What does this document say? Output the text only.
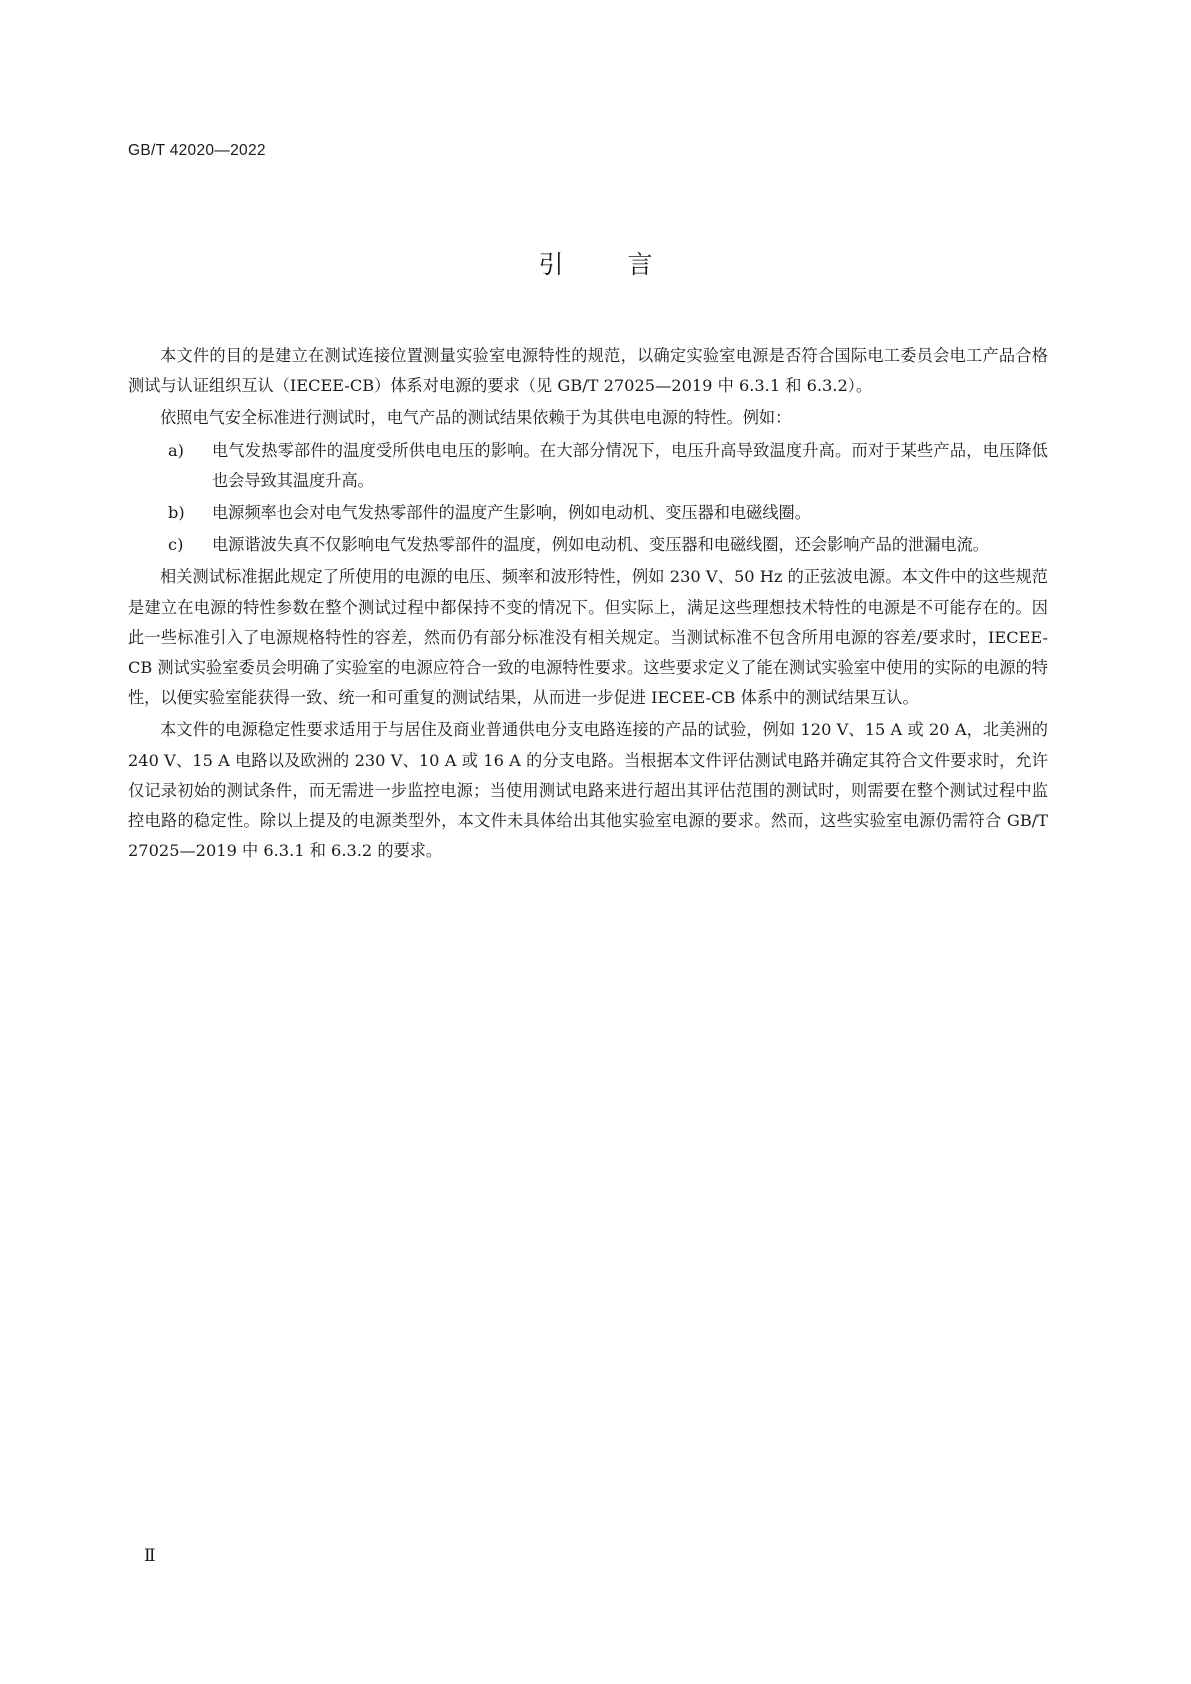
GB/T 42020—2022
引言

本文件的目的是建立在测试连接位置测量实验室电源特性的规范，以确定实验室电源是否符合国际电工委员会电工产品合格测试与认证组织互认（IECEE-CB）体系对电源的要求（见 GB/T 27025—2019 中 6.3.1 和 6.3.2）。

依照电气安全标准进行测试时，电气产品的测试结果依赖于为其供电电源的特性。例如：

a) 电气发热零部件的温度受所供电电压的影响。在大部分情况下，电压升高导致温度升高。而对于某些产品，电压降低也会导致其温度升高。
b) 电源频率也会对电气发热零部件的温度产生影响，例如电动机、变压器和电磁线圈。
c) 电源谐波失真不仅影响电气发热零部件的温度，例如电动机、变压器和电磁线圈，还会影响产品的泄漏电流。

相关测试标准据此规定了所使用的电源的电压、频率和波形特性，例如 230 V、50 Hz 的正弦波电源。本文件中的这些规范是建立在电源的特性参数在整个测试过程中都保持不变的情况下。但实际上，满足这些理想技术特性的电源是不可能存在的。因此一些标准引入了电源规格特性的容差，然而仍有部分标准没有相关规定。当测试标准不包含所用电源的容差/要求时，IECEE-CB 测试实验室委员会明确了实验室的电源应符合一致的电源特性要求。这些要求定义了能在测试实验室中使用的实际的电源的特性，以便实验室能获得一致、统一和可重复的测试结果，从而进一步促进 IECEE-CB 体系中的测试结果互认。

本文件的电源稳定性要求适用于与居住及商业普通供电分支电路连接的产品的试验，例如 120 V、15 A 或 20 A，北美洲的 240 V、15 A 电路以及欧洲的 230 V、10 A 或 16 A 的分支电路。当根据本文件评估测试电路并确定其符合文件要求时，允许仅记录初始的测试条件，而无需进一步监控电源；当使用测试电路来进行超出其评估范围的测试时，则需要在整个测试过程中监控电路的稳定性。除以上提及的电源类型外，本文件未具体给出其他实验室电源的要求。然而，这些实验室电源仍需符合 GB/T 27025—2019 中 6.3.1 和 6.3.2 的要求。

Ⅱ
